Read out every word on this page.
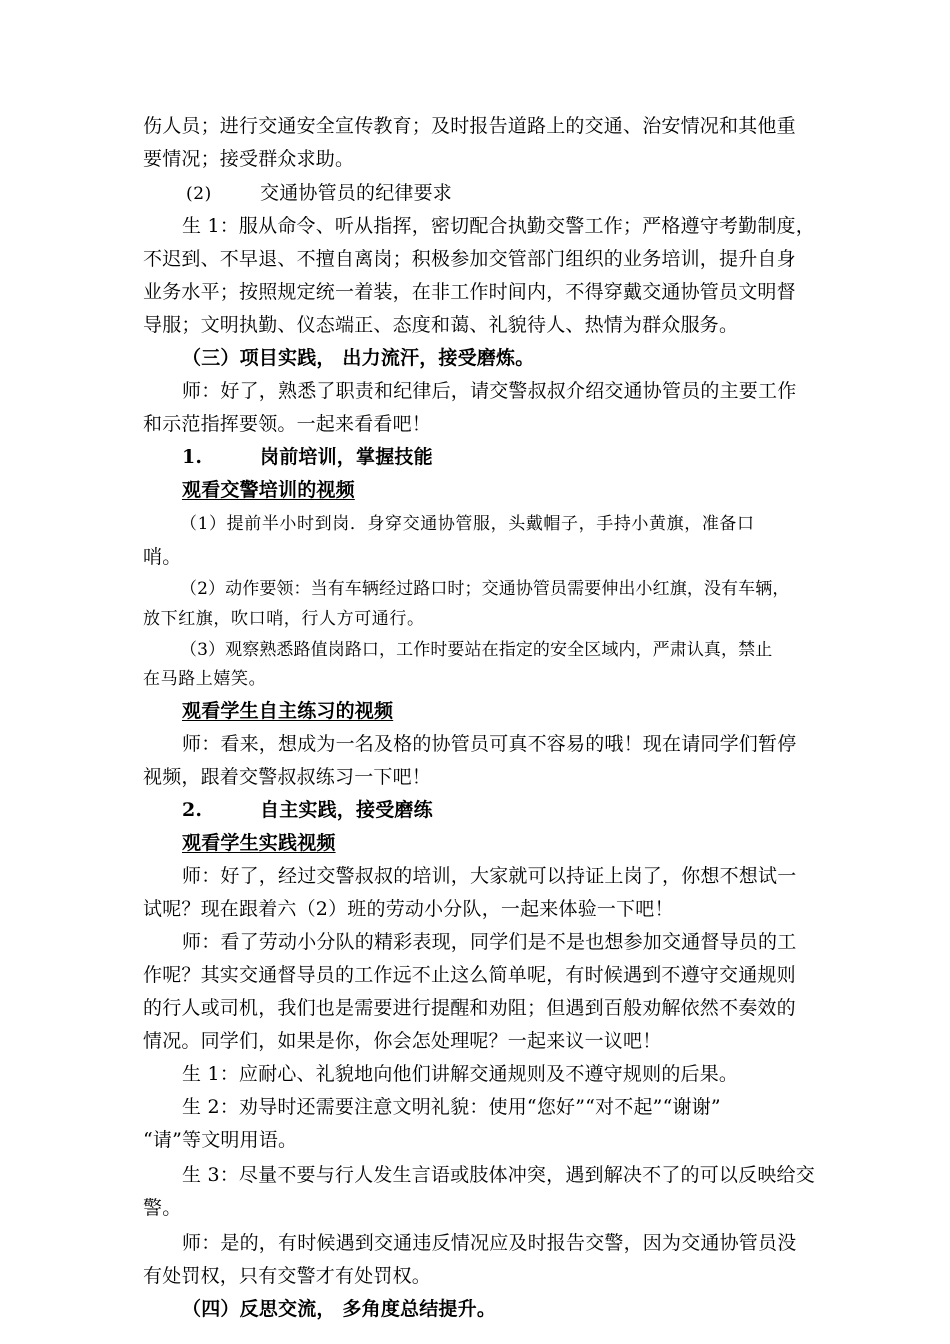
伤人员；进行交通安全宣传教育；及时报告道路上的交通、治安情况和其他重
要情况；接受群众求助。
(2)	交通协管员的纪律要求
生 1：服从命令、听从指挥，密切配合执勤交警工作；严格遵守考勤制度，
不迟到、不早退、不擅自离岗；积极参加交管部门组织的业务培训，提升自身
业务水平；按照规定统一着装，在非工作时间内，不得穿戴交通协管员文明督
导服；文明执勤、仪态端正、态度和蔼、礼貌待人、热情为群众服务。
（三）项目实践， 出力流汗，接受磨炼。
师：好了，熟悉了职责和纪律后，请交警叔叔介绍交通协管员的主要工作
和示范指挥要领。一起来看看吧！
1.	岗前培训，掌握技能
观看交警培训的视频
（1）提前半小时到岗．身穿交通协管服，头戴帽子，手持小黄旗，准备口
哨。
（2）动作要领：当有车辆经过路口时；交通协管员需要伸出小红旗，没有车辆，
放下红旗，吹口哨，行人方可通行。
（3）观察熟悉路值岗路口，工作时要站在指定的安全区域内，严肃认真，禁止
在马路上嬉笑。
观看学生自主练习的视频
师：看来，想成为一名及格的协管员可真不容易的哦！现在请同学们暂停
视频，跟着交警叔叔练习一下吧！
2.	自主实践，接受磨练
观看学生实践视频
师：好了，经过交警叔叔的培训，大家就可以持证上岗了，你想不想试一
试呢？现在跟着六（2）班的劳动小分队，一起来体验一下吧！
师：看了劳动小分队的精彩表现，同学们是不是也想参加交通督导员的工
作呢？其实交通督导员的工作远不止这么简单呢，有时候遇到不遵守交通规则
的行人或司机，我们也是需要进行提醒和劝阻；但遇到百般劝解依然不奏效的
情况。同学们，如果是你，你会怎处理呢？一起来议一议吧！
生 1：应耐心、礼貌地向他们讲解交通规则及不遵守规则的后果。
生 2：劝导时还需要注意文明礼貌：使用“您好”“对不起”“谢谢”
“请”等文明用语。
生 3：尽量不要与行人发生言语或肢体冲突，遇到解决不了的可以反映给交
警。
师：是的，有时候遇到交通违反情况应及时报告交警，因为交通协管员没
有处罚权，只有交警才有处罚权。
（四）反思交流， 多角度总结提升。
